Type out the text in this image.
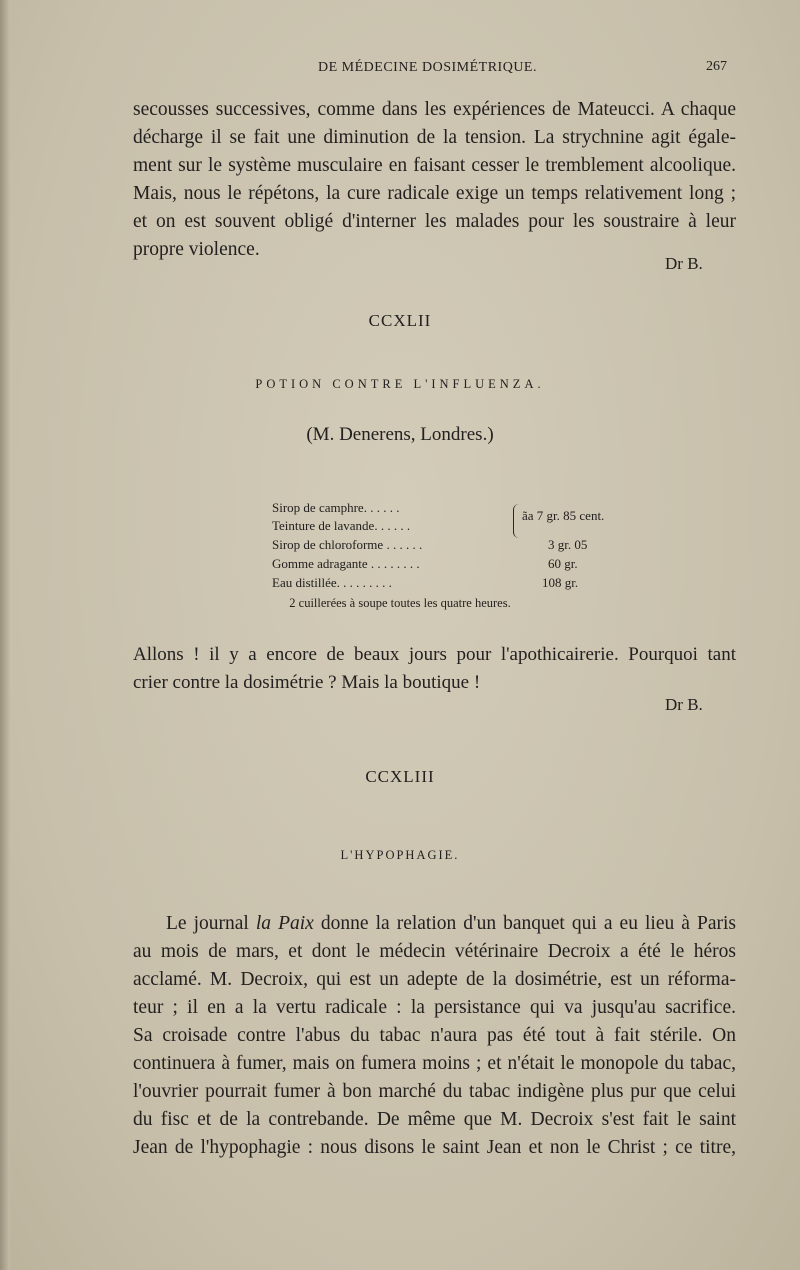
DE MÉDECINE DOSIMÉTRIQUE.	267
secousses successives, comme dans les expériences de Mateucci. A chaque
décharge il se fait une diminution de la tension. La strychnine agit égale-
ment sur le système musculaire en faisant cesser le tremblement alcoolique.
Mais, nous le répétons, la cure radicale exige un temps relativement long ;
et on est souvent obligé d'interner les malades pour les soustraire à leur
propre violence.
Dr B.
CCXLII
POTION CONTRE L'INFLUENZA.
(M. Denerens, Londres.)
Sirop de camphre. . . . . .
Teinture de lavande. . . . . .
ãa 7 gr. 85 cent.
Sirop de chloroforme . . . . . .	3 gr. 05
Gomme adragante . . . . . . . .	60 gr.
Eau distillée. . . . . . . . .	108 gr.
2 cuillerées à soupe toutes les quatre heures.
Allons ! il y a encore de beaux jours pour l'apothicairerie. Pourquoi tant
crier contre la dosimétrie ? Mais la boutique !
Dr B.
CCXLIII
L'HYPOPHAGIE.
Le journal la Paix donne la relation d'un banquet qui a eu lieu à Paris
au mois de mars, et dont le médecin vétérinaire Decroix a été le héros
acclamé. M. Decroix, qui est un adepte de la dosimétrie, est un réforma-
teur ; il en a la vertu radicale : la persistance qui va jusqu'au sacrifice.
Sa croisade contre l'abus du tabac n'aura pas été tout à fait stérile. On
continuera à fumer, mais on fumera moins ; et n'était le monopole du tabac,
l'ouvrier pourrait fumer à bon marché du tabac indigène plus pur que celui
du fisc et de la contrebande. De même que M. Decroix s'est fait le saint
Jean de l'hypophagie : nous disons le saint Jean et non le Christ ; ce titre,
